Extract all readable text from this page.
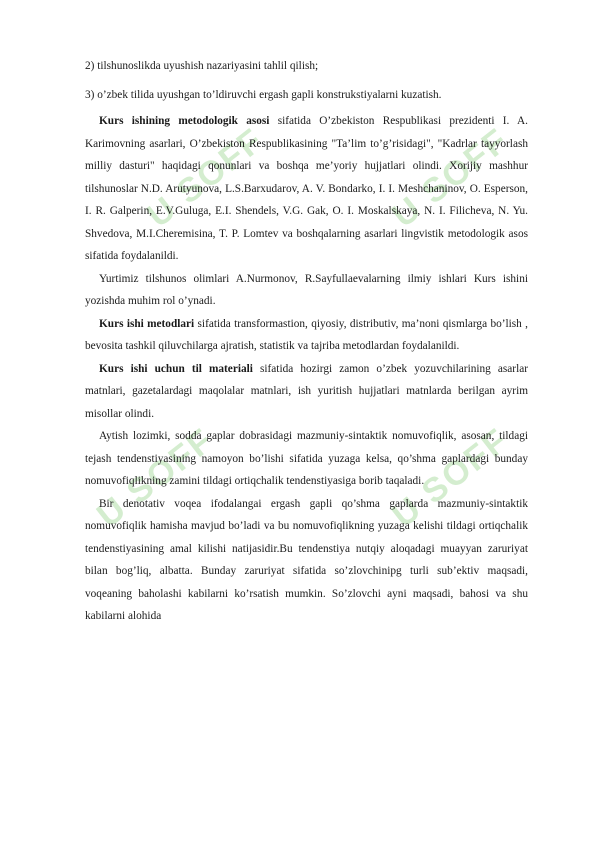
U SOFF
U SOFF
U SOFF
U SOFF

2) tilshunoslikda uyushish nazariyasini tahlil qilish;

3) o’zbek tilida uyushgan to’ldiruvchi ergash gapli konstrukstiyalarni kuzatish.

Kurs ishining metodologik asosi sifatida O’zbekiston Respublikasi prezidenti I. A. Karimovning asarlari, O’zbekiston Respublikasining "Ta’lim to’g’risidagi", "Kadrlar tayyorlash milliy dasturi" haqidagi qonunlari va boshqa me’yoriy hujjatlari olindi. Xorijiy mashhur tilshunoslar N.D. Arutyunova, L.S.Barxudarov, A. V. Bondarko, I. I. Meshchaninov, O. Esperson, I. R. Galperin, E.V.Guluga, E.I. Shendels, V.G. Gak, O. I. Moskalskaya, N. I. Filicheva, N. Yu. Shvedova, M.I.Cheremisina, T. P. Lomtev va boshqalarning asarlari lingvistik metodologik asos sifatida foydalanildi.

Yurtimiz tilshunos olimlari A.Nurmonov, R.Sayfullaevalarning ilmiy ishlari Kurs ishini yozishda muhim rol o’ynadi.

Kurs ishi metodlari sifatida transformastion, qiyosiy, distributiv, ma’noni qismlarga bo’lish , bevosita tashkil qiluvchilarga ajratish, statistik va tajriba metodlardan foydalanildi.

Kurs ishi uchun til materiali sifatida hozirgi zamon o’zbek yozuvchilarining asarlar matnlari, gazetalardagi maqolalar matnlari, ish yuritish hujjatlari matnlarda berilgan ayrim misollar olindi.

Aytish lozimki, sodda gaplar dobrasidagi mazmuniy-sintaktik nomuvofiqlik, asosan, tildagi tejash tendenstiyasining namoyon bo’lishi sifatida yuzaga kelsa, qo’shma gaplardagi bunday nomuvofiqlikning zamini tildagi ortiqchalik tendenstiyasiga borib taqaladi.

Bir denotativ voqea ifodalangai ergash gapli qo’shma gaplarda mazmuniy-sintaktik nomuvofiqlik hamisha mavjud bo’ladi va bu nomuvofiqlikning yuzaga kelishi tildagi ortiqchalik tendenstiyasining amal kilishi natijasidir.Bu tendenstiya nutqiy aloqadagi muayyan zaruriyat bilan bog’liq, albatta. Bunday zaruriyat sifatida so’zlovchinipg turli sub’ektiv maqsadi, voqeaning baholashi kabilarni ko’rsatish mumkin. So’zlovchi ayni maqsadi, bahosi va shu kabilarni alohida
